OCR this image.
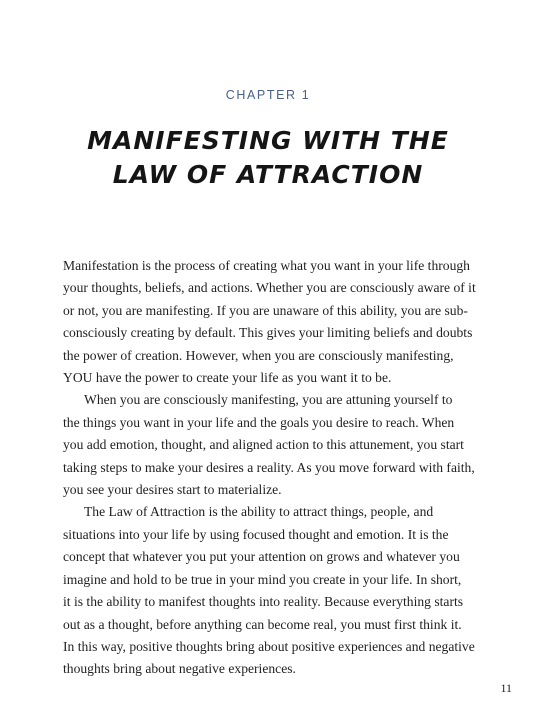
CHAPTER 1
MANIFESTING WITH THE
LAW OF ATTRACTION
Manifestation is the process of creating what you want in your life through
your thoughts, beliefs, and actions. Whether you are consciously aware of it
or not, you are manifesting. If you are unaware of this ability, you are sub-
consciously creating by default. This gives your limiting beliefs and doubts
the power of creation. However, when you are consciously manifesting,
YOU have the power to create your life as you want it to be.
When you are consciously manifesting, you are attuning yourself to
the things you want in your life and the goals you desire to reach. When
you add emotion, thought, and aligned action to this attunement, you start
taking steps to make your desires a reality. As you move forward with faith,
you see your desires start to materialize.
The Law of Attraction is the ability to attract things, people, and
situations into your life by using focused thought and emotion. It is the
concept that whatever you put your attention on grows and whatever you
imagine and hold to be true in your mind you create in your life. In short,
it is the ability to manifest thoughts into reality. Because everything starts
out as a thought, before anything can become real, you must first think it.
In this way, positive thoughts bring about positive experiences and negative
thoughts bring about negative experiences.
11
